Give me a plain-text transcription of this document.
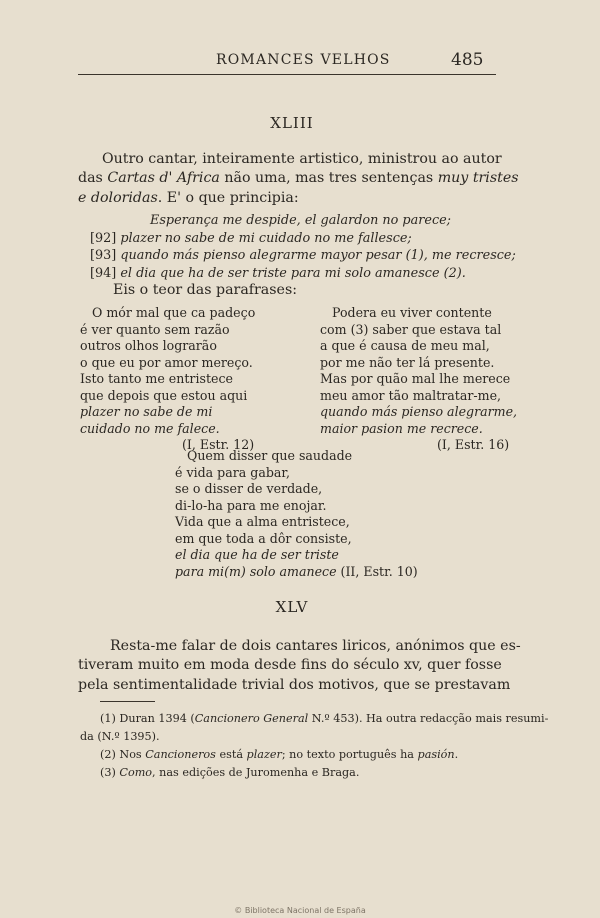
ROMANCES VELHOS	485
XLIII
Outro cantar, inteiramente artistico, ministrou ao autor
das Cartas d' Africa não uma, mas tres sentenças muy tristes
e doloridas. E' o que principia:
Esperança me despide, el galardon no parece;
[92] plazer no sabe de mi cuidado no me fallesce;
[93] quando más pienso alegrarme mayor pesar (1), me recresce;
[94] el dia que ha de ser triste para mi solo amanesce (2).
Eis o teor das parafrases:
O mór mal que ca padeço
é ver quanto sem razão
outros olhos lograrão
o que eu por amor mereço.
Isto tanto me entristece
que depois que estou aqui
plazer no sabe de mi
cuidado no me falece.
(I, Estr. 12)
Podera eu viver contente
com (3) saber que estava tal
a que é causa de meu mal,
por me não ter lá presente.
Mas por quão mal lhe merece
meu amor tão maltratar-me,
quando más pienso alegrarme,
maior pasion me recrece.
(I, Estr. 16)
Quem disser que saudade
é vida para gabar,
se o disser de verdade,
di-lo-ha para me enojar.
Vida que a alma entristece,
em que toda a dôr consiste,
el dia que ha de ser triste
para mi(m) solo amanece (II, Estr. 10)
XLV
Resta-me falar de dois cantares liricos, anónimos que es-
tiveram muito em moda desde fins do século xv, quer fosse
pela sentimentalidade trivial dos motivos, que se prestavam
(1) Duran 1394 (Cancionero General N.º 453). Ha outra redacção mais resumi-
da (N.º 1395).
(2) Nos Cancioneros está plazer; no texto português ha pasión.
(3) Como, nas edições de Juromenha e Braga.
© Biblioteca Nacional de España
